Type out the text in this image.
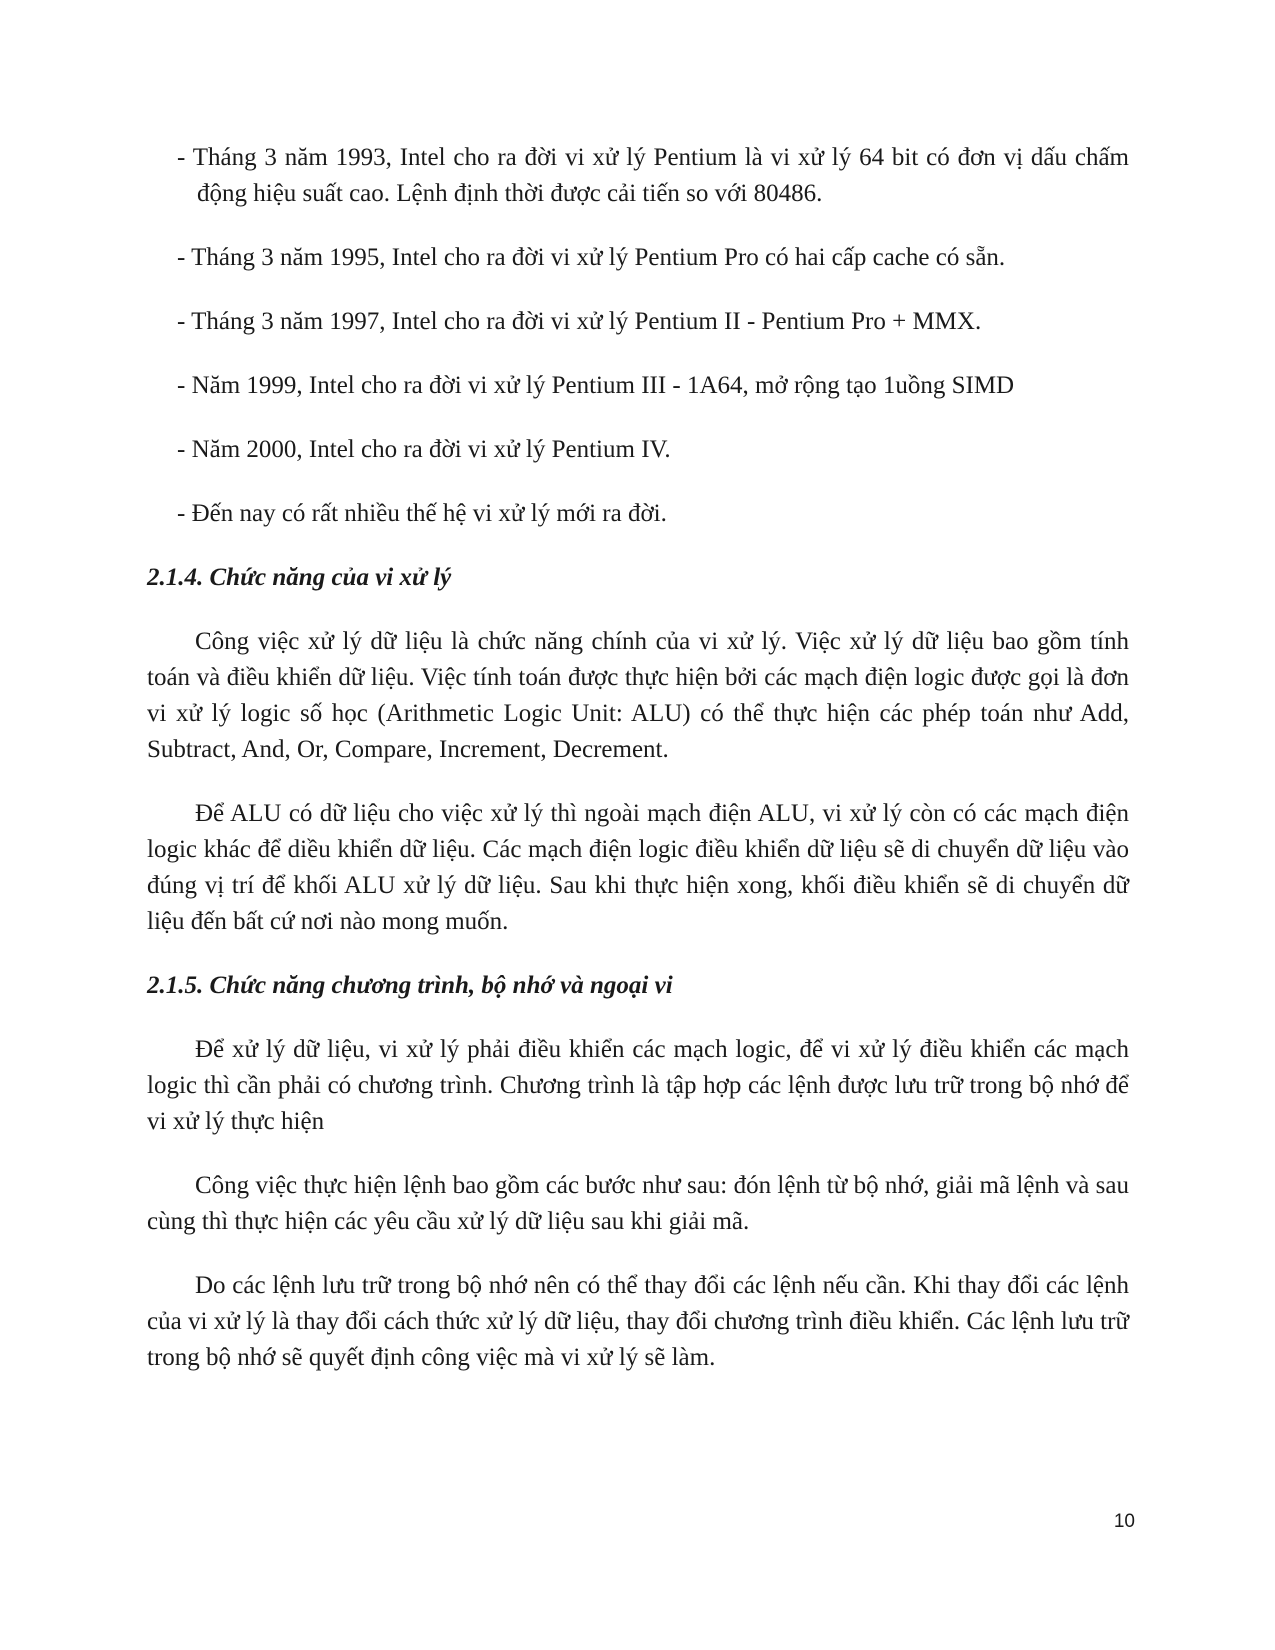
- Tháng 3 năm 1993, Intel cho ra đời vi xử lý Pentium là vi xử lý 64 bit có đơn vị dấu chấm động hiệu suất cao. Lệnh định thời được cải tiến so với 80486.

- Tháng 3 năm 1995, Intel cho ra đời vi xử lý Pentium Pro có hai cấp cache có sẵn.

- Tháng 3 năm 1997, Intel cho ra đời vi xử lý Pentium II - Pentium Pro + MMX.

- Năm 1999, Intel cho ra đời vi xử lý Pentium III - 1A64, mở rộng tạo 1uồng SIMD

- Năm 2000, Intel cho ra đời vi xử lý Pentium IV.

- Đến nay có rất nhiều thế hệ vi xử lý mới ra đời.

2.1.4. Chức năng của vi xử lý

Công việc xử lý dữ liệu là chức năng chính của vi xử lý. Việc xử lý dữ liệu bao gồm tính toán và điều khiển dữ liệu. Việc tính toán được thực hiện bởi các mạch điện logic được gọi là đơn vi xử lý logic số học (Arithmetic Logic Unit: ALU) có thể thực hiện các phép toán như Add, Subtract, And, Or, Compare, Increment, Decrement.

Để ALU có dữ liệu cho việc xử lý thì ngoài mạch điện ALU, vi xử lý còn có các mạch điện logic khác để diều khiển dữ liệu. Các mạch điện logic điều khiển dữ liệu sẽ di chuyển dữ liệu vào đúng vị trí để khối ALU xử lý dữ liệu. Sau khi thực hiện xong, khối điều khiển sẽ di chuyển dữ liệu đến bất cứ nơi nào mong muốn.

2.1.5. Chức năng chương trình, bộ nhớ và ngoại vi

Để xử lý dữ liệu, vi xử lý phải điều khiển các mạch logic, để vi xử lý điều khiển các mạch logic thì cần phải có chương trình. Chương trình là tập hợp các lệnh được lưu trữ trong bộ nhớ để vi xử lý thực hiện

Công việc thực hiện lệnh bao gồm các bước như sau: đón lệnh từ bộ nhớ, giải mã lệnh và sau cùng thì thực hiện các yêu cầu xử lý dữ liệu sau khi giải mã.

Do các lệnh lưu trữ trong bộ nhớ nên có thể thay đổi các lệnh nếu cần. Khi thay đổi các lệnh của vi xử lý là thay đổi cách thức xử lý dữ liệu, thay đổi chương trình điều khiển. Các lệnh lưu trữ trong bộ nhớ sẽ quyết định công việc mà vi xử lý sẽ làm.

10
